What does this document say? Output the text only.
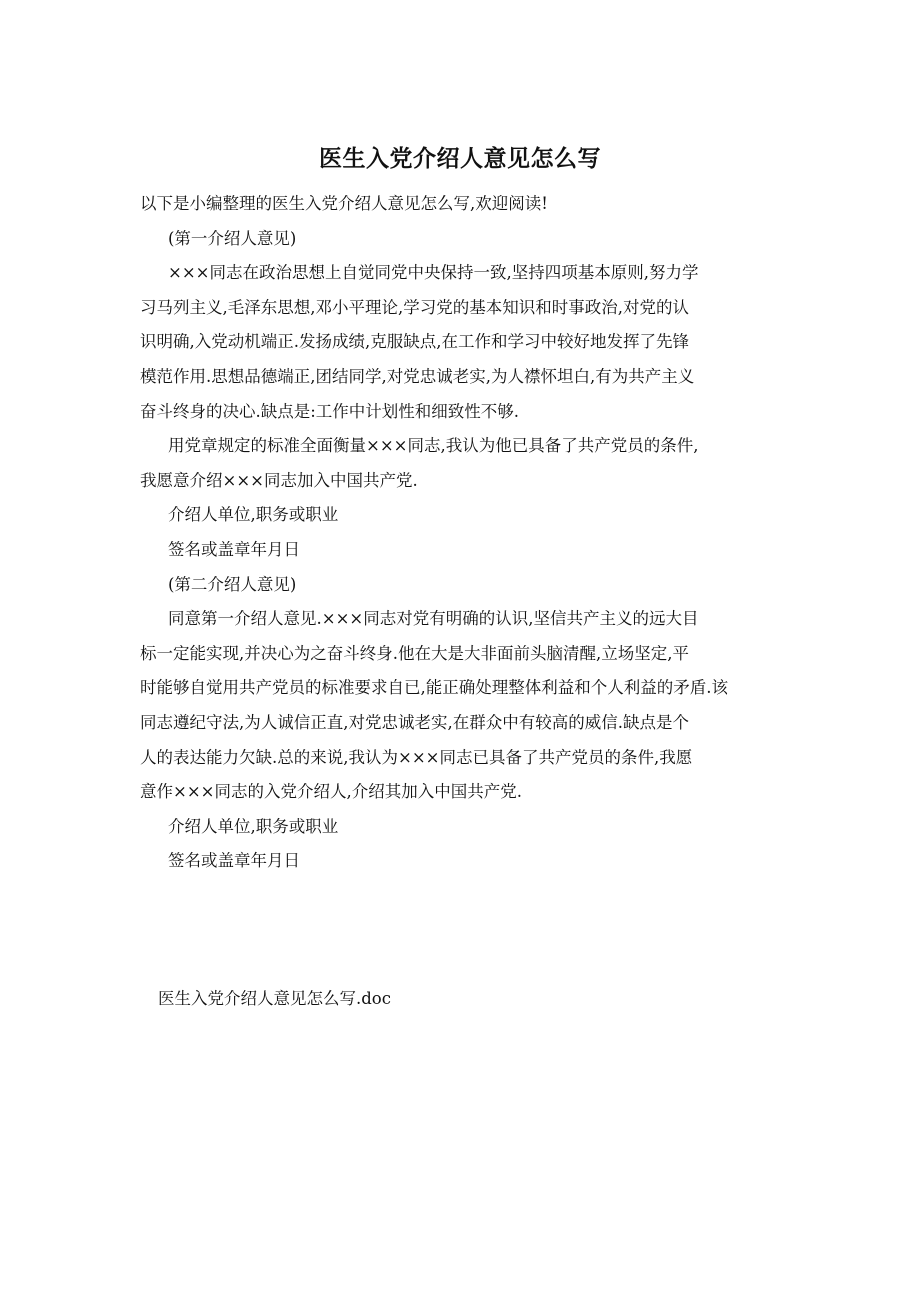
医生入党介绍人意见怎么写

以下是小编整理的医生入党介绍人意见怎么写,欢迎阅读!

(第一介绍人意见)

×××同志在政治思想上自觉同党中央保持一致,坚持四项基本原则,努力学

习马列主义,毛泽东思想,邓小平理论,学习党的基本知识和时事政治,对党的认

识明确,入党动机端正.发扬成绩,克服缺点,在工作和学习中较好地发挥了先锋

模范作用.思想品德端正,团结同学,对党忠诚老实,为人襟怀坦白,有为共产主义

奋斗终身的决心.缺点是:工作中计划性和细致性不够.

用党章规定的标准全面衡量×××同志,我认为他已具备了共产党员的条件,

我愿意介绍×××同志加入中国共产党.

介绍人单位,职务或职业

签名或盖章年月日

(第二介绍人意见)

同意第一介绍人意见.×××同志对党有明确的认识,坚信共产主义的远大目

标一定能实现,并决心为之奋斗终身.他在大是大非面前头脑清醒,立场坚定,平

时能够自觉用共产党员的标准要求自已,能正确处理整体利益和个人利益的矛盾.该

同志遵纪守法,为人诚信正直,对党忠诚老实,在群众中有较高的威信.缺点是个

人的表达能力欠缺.总的来说,我认为×××同志已具备了共产党员的条件,我愿

意作×××同志的入党介绍人,介绍其加入中国共产党.

介绍人单位,职务或职业

签名或盖章年月日

医生入党介绍人意见怎么写.doc
